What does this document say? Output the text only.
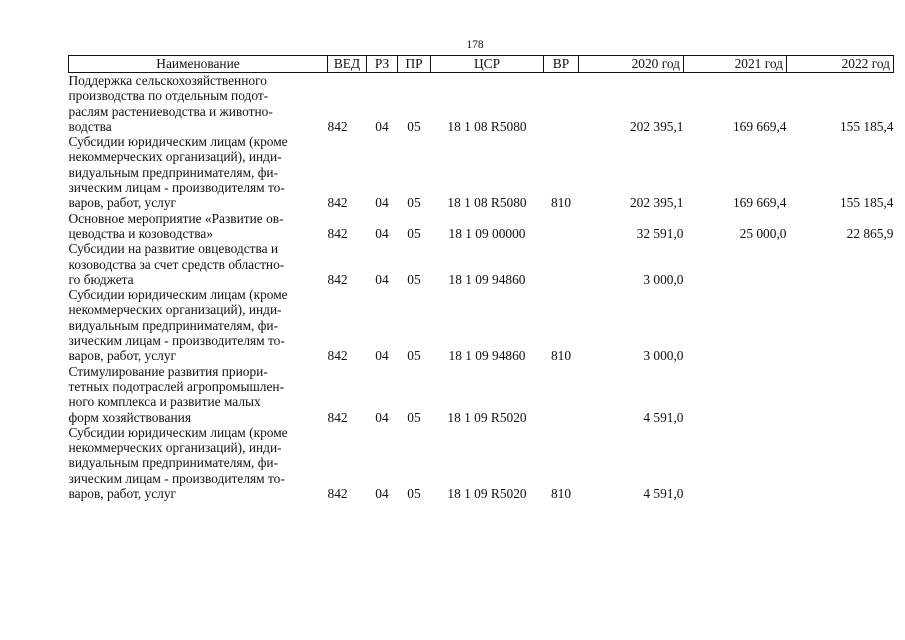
178
Наименование	ВЕД	РЗ	ПР	ЦСР	ВР	2020 год	2021 год	2022 год

Поддержка сельскохозяйственного
производства по отдельным подот-
раслям растениеводства и животно-
водства	842	04	05	18 1 08 R5080		202 395,1	169 669,4	155 185,4

Субсидии юридическим лицам (кроме
некоммерческих организаций), инди-
видуальным предпринимателям, фи-
зическим лицам - производителям то-
варов, работ, услуг	842	04	05	18 1 08 R5080	810	202 395,1	169 669,4	155 185,4

Основное мероприятие «Развитие ов-
цеводства и козоводства»	842	04	05	18 1 09 00000		32 591,0	25 000,0	22 865,9

Субсидии на развитие овцеводства и
козоводства за счет средств областно-
го бюджета	842	04	05	18 1 09 94860		3 000,0		

Субсидии юридическим лицам (кроме
некоммерческих организаций), инди-
видуальным предпринимателям, фи-
зическим лицам - производителям то-
варов, работ, услуг	842	04	05	18 1 09 94860	810	3 000,0		

Стимулирование развития приори-
тетных подотраслей агропромышлен-
ного комплекса и развитие малых
форм хозяйствования	842	04	05	18 1 09 R5020		4 591,0		

Субсидии юридическим лицам (кроме
некоммерческих организаций), инди-
видуальным предпринимателям, фи-
зическим лицам - производителям то-
варов, работ, услуг	842	04	05	18 1 09 R5020	810	4 591,0		
